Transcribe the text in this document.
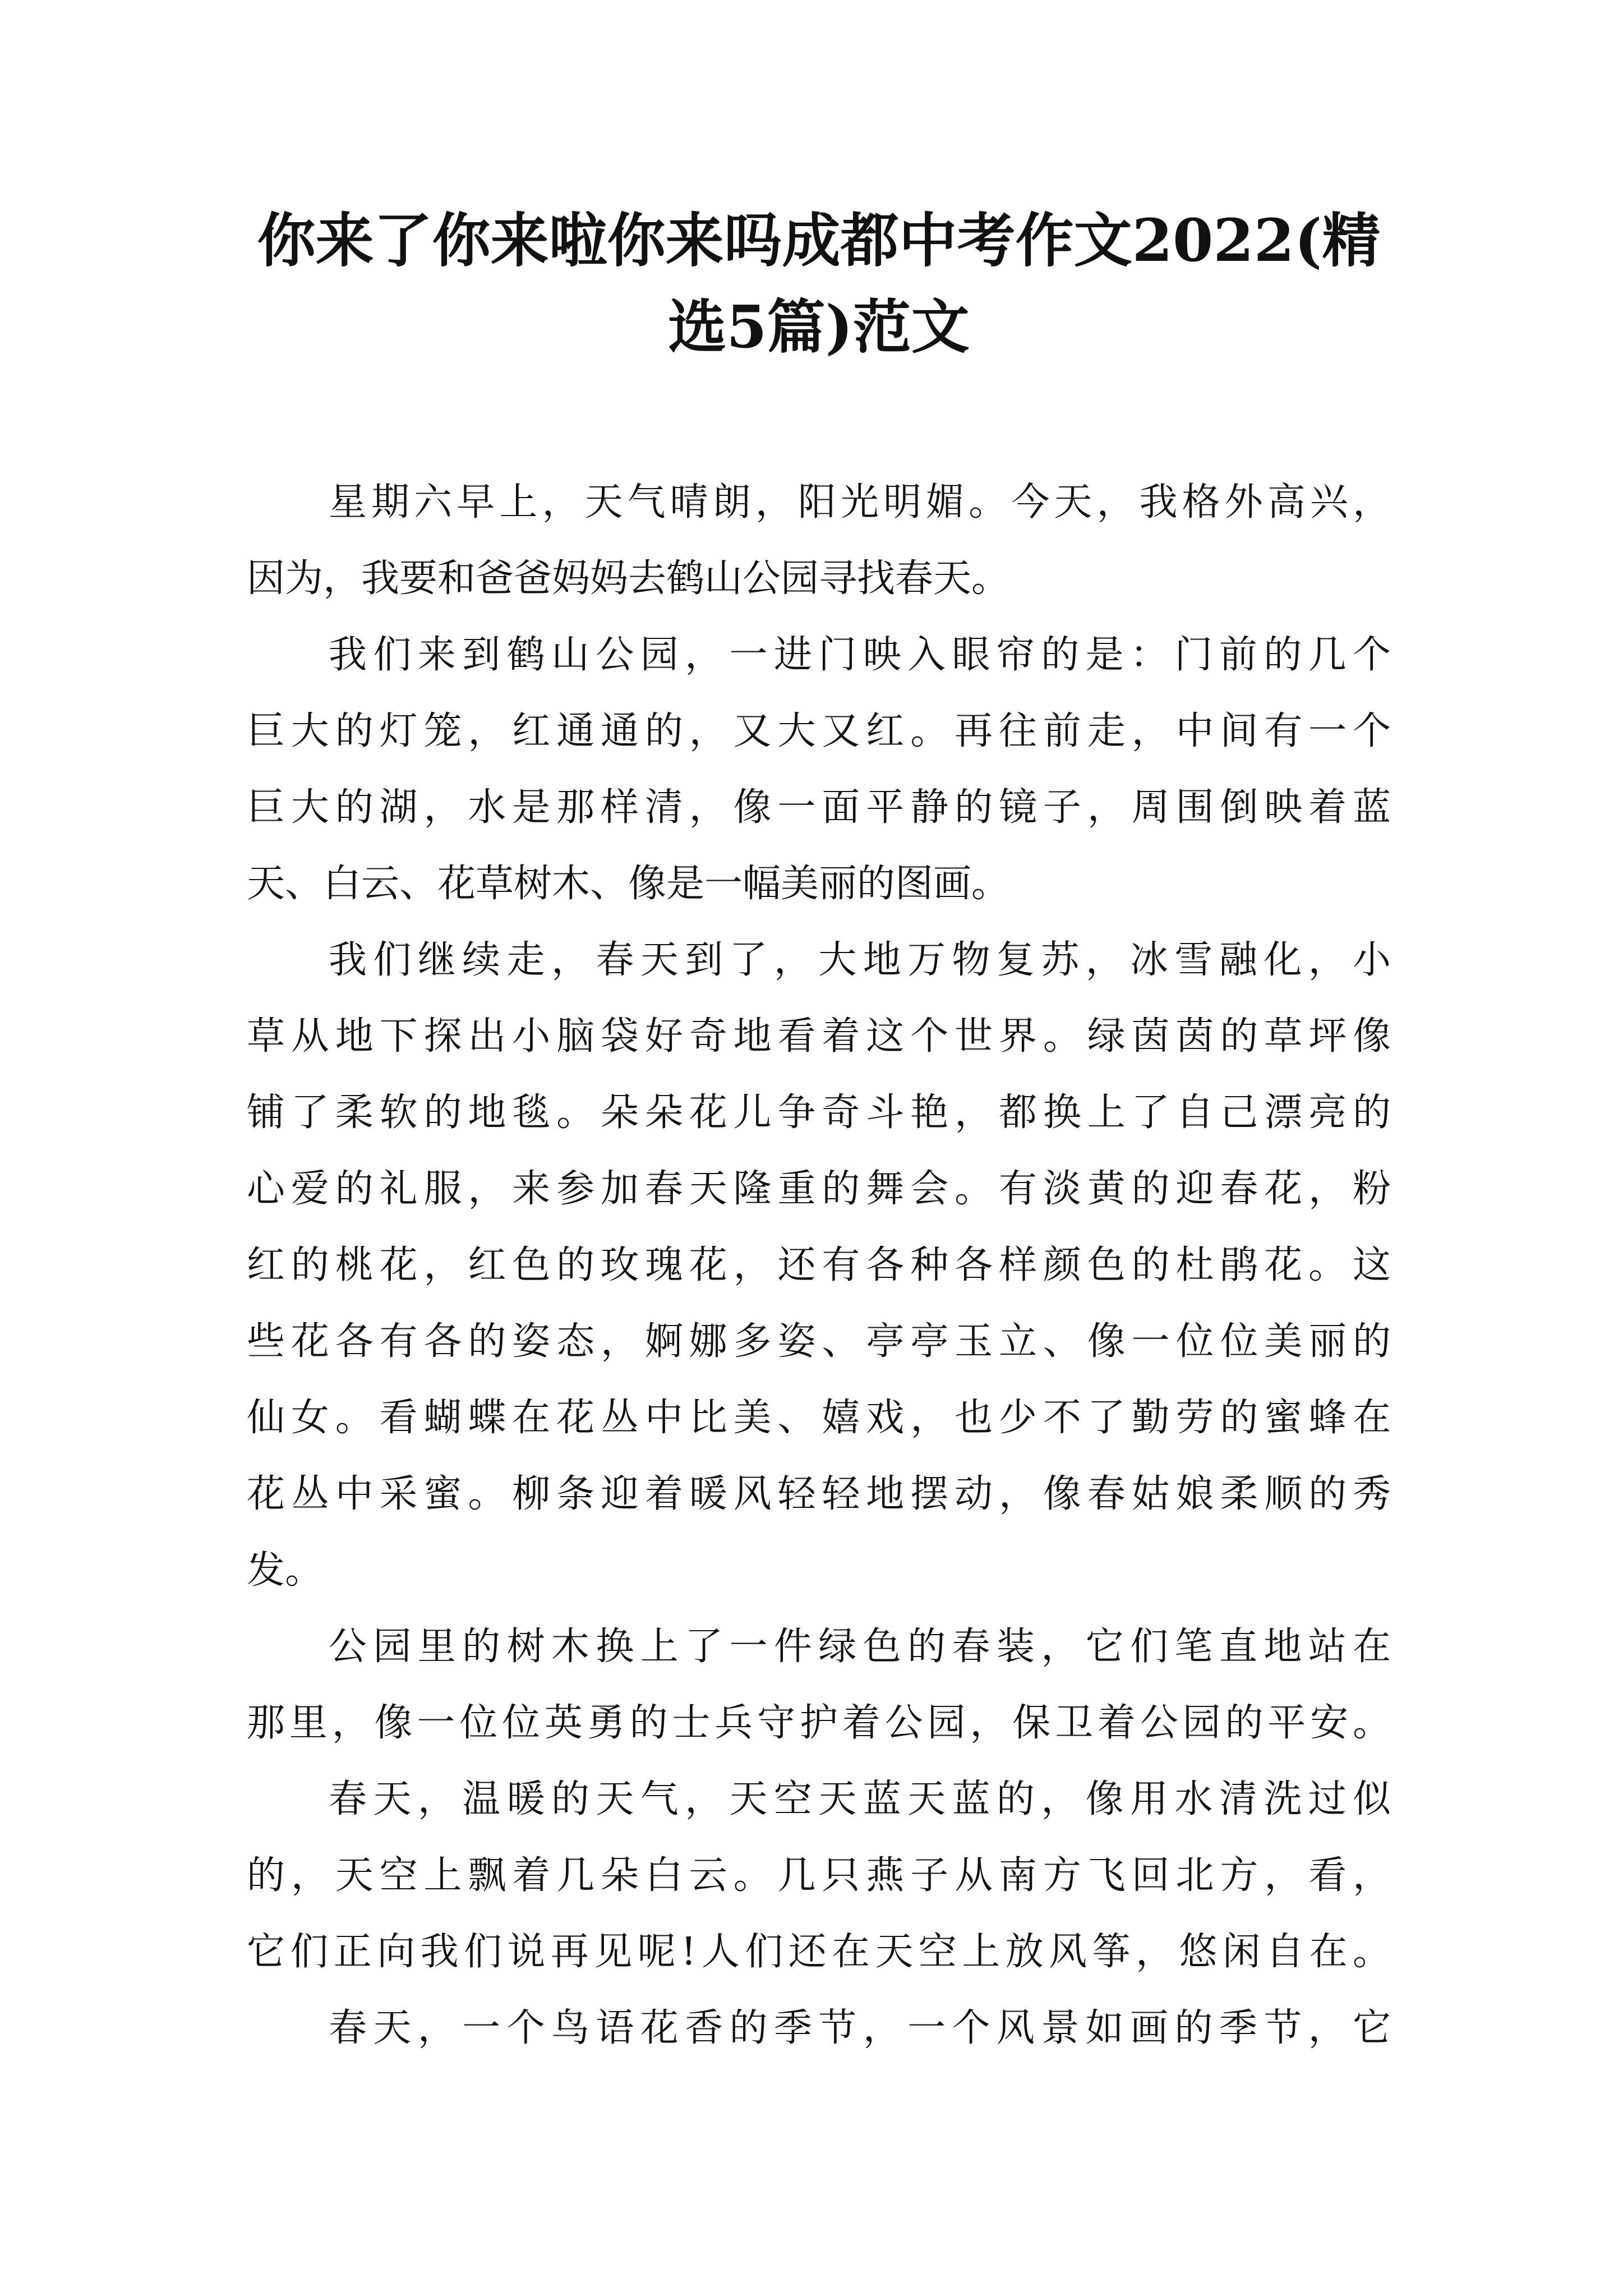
你来了你来啦你来吗成都中考作文2022(精
选5篇)范文
星期六早上，天气晴朗，阳光明媚。今天，我格外高兴，
因为，我要和爸爸妈妈去鹤山公园寻找春天。
我们来到鹤山公园，一进门映入眼帘的是：门前的几个
巨大的灯笼，红通通的，又大又红。再往前走，中间有一个
巨大的湖，水是那样清，像一面平静的镜子，周围倒映着蓝
天、白云、花草树木、像是一幅美丽的图画。
我们继续走，春天到了，大地万物复苏，冰雪融化，小
草从地下探出小脑袋好奇地看着这个世界。绿茵茵的草坪像
铺了柔软的地毯。朵朵花儿争奇斗艳，都换上了自己漂亮的
心爱的礼服，来参加春天隆重的舞会。有淡黄的迎春花，粉
红的桃花，红色的玫瑰花，还有各种各样颜色的杜鹃花。这
些花各有各的姿态，婀娜多姿、亭亭玉立、像一位位美丽的
仙女。看蝴蝶在花丛中比美、嬉戏，也少不了勤劳的蜜蜂在
花丛中采蜜。柳条迎着暖风轻轻地摆动，像春姑娘柔顺的秀
发。
公园里的树木换上了一件绿色的春装，它们笔直地站在
那里，像一位位英勇的士兵守护着公园，保卫着公园的平安。
春天，温暖的天气，天空天蓝天蓝的，像用水清洗过似
的，天空上飘着几朵白云。几只燕子从南方飞回北方，看，
它们正向我们说再见呢!人们还在天空上放风筝，悠闲自在。
春天，一个鸟语花香的季节，一个风景如画的季节，它
